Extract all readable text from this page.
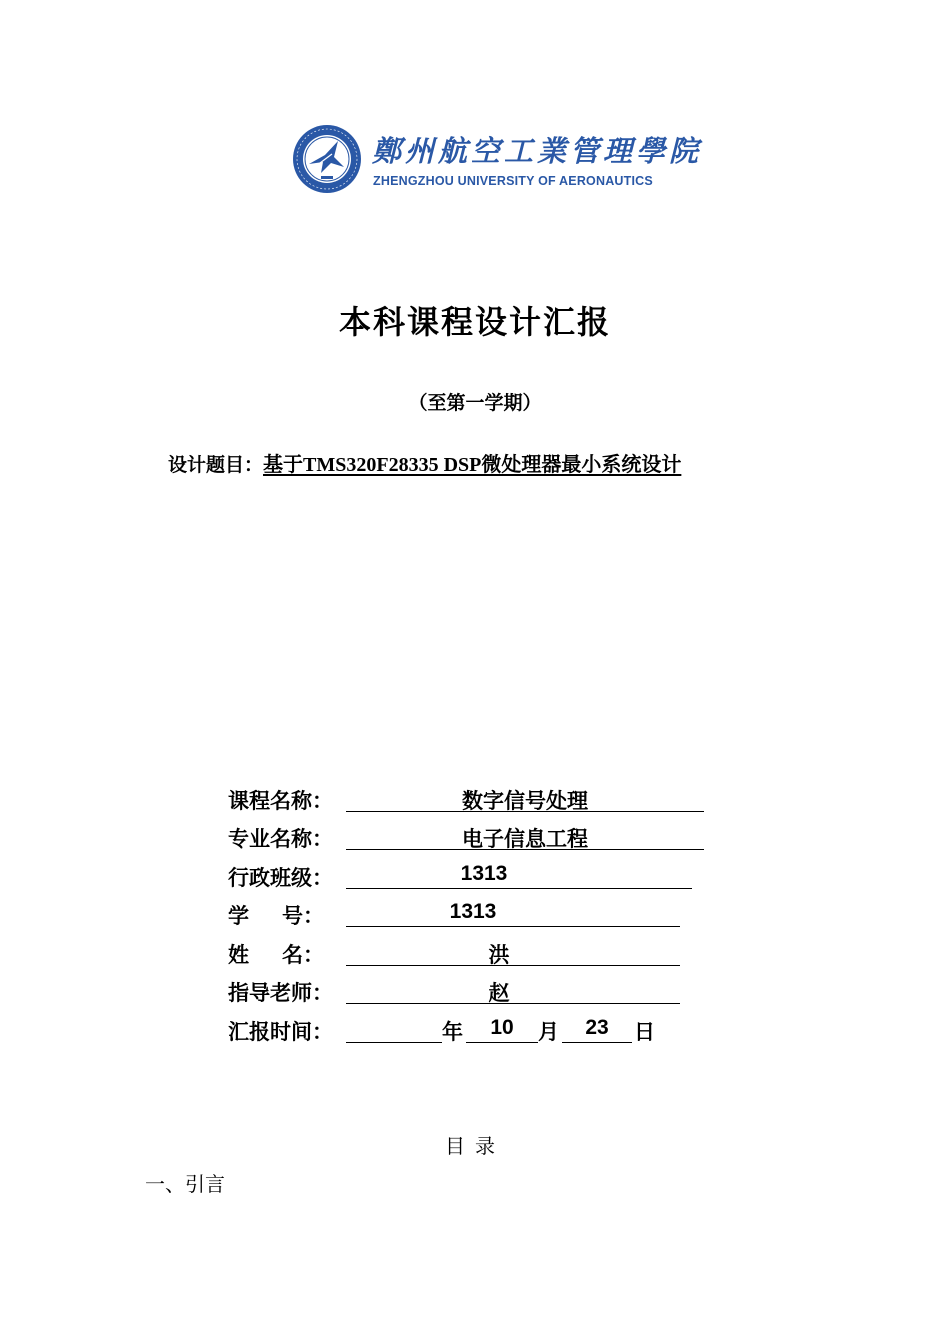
鄭州航空工業管理學院
ZHENGZHOU UNIVERSITY OF AERONAUTICS
本科课程设计汇报
（至第一学期）
设计题目：基于TMS320F28335 DSP微处理器最小系统设计
课程名称：	数字信号处理
专业名称：	电子信息工程
行政班级：	1313
学 号：	1313
姓 名：	洪
指导老师：	赵
汇报时间：	年	10	月	23	日
目录
一、引言
